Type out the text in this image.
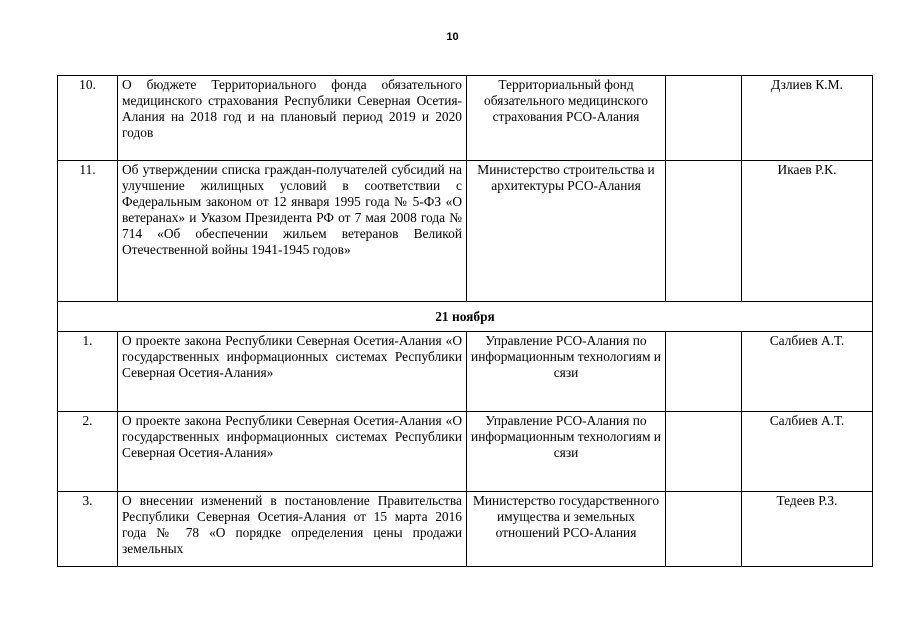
10
10.	О бюджете Территориального фонда обязательного медицинского страхования Республики Северная Осетия-Алания на 2018 год и на плановый период 2019 и 2020 годов	Территориальный фонд обязательного медицинского страхования РСО-Алания		Дзлиев К.М.
11.	Об утверждении списка граждан-получателей субсидий на улучшение жилищных условий в соответствии с Федеральным законом от 12 января 1995 года № 5-ФЗ «О ветеранах» и Указом Президента РФ от 7 мая 2008 года № 714 «Об обеспечении жильем ветеранов Великой Отечественной войны 1941-1945 годов»	Министерство строительства и архитектуры РСО-Алания		Икаев Р.К.
21 ноября				
1.	О проекте закона Республики Северная Осетия-Алания «О государственных информационных системах Республики Северная Осетия-Алания»	Управление РСО-Алания по информационным технологиям и сязи		Салбиев А.Т.
2.	О проекте закона Республики Северная Осетия-Алания «О государственных информационных системах Республики Северная Осетия-Алания»	Управление РСО-Алания по информационным технологиям и сязи		Салбиев А.Т.
3.	О внесении изменений в постановление Правительства Республики Северная Осетия-Алания от 15 марта 2016 года № 78 «О порядке определения цены продажи земельных	Министерство государственного имущества и земельных отношений РСО-Алания		Тедеев Р.З.
